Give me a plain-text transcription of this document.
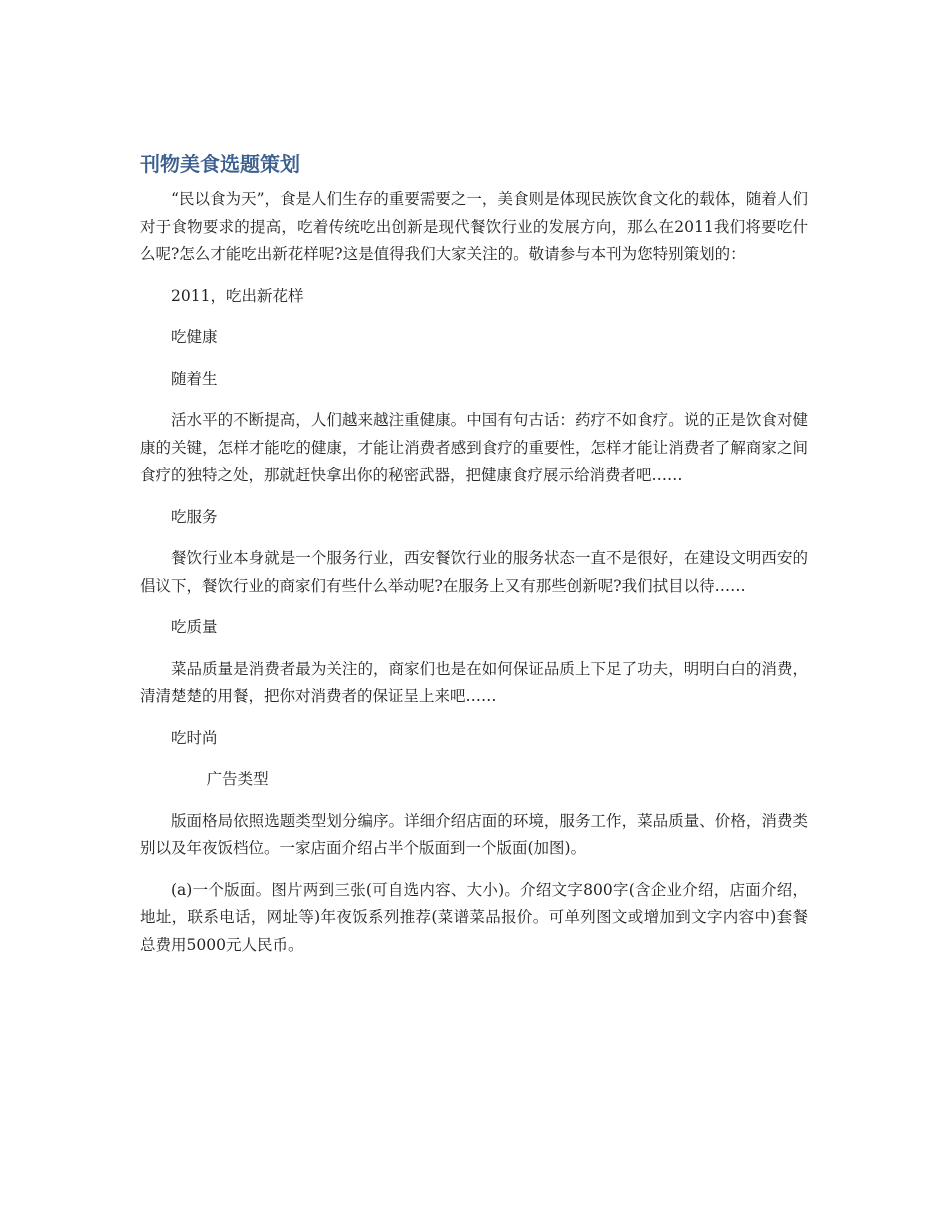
刊物美食选题策划

“民以食为天”，食是人们生存的重要需要之一，美食则是体现民族饮食文化的载体，随着人们对于食物要求的提高，吃着传统吃出创新是现代餐饮行业的发展方向，那么在2011我们将要吃什么呢?怎么才能吃出新花样呢?这是值得我们大家关注的。敬请参与本刊为您特别策划的：

2011，吃出新花样

吃健康

随着生

活水平的不断提高，人们越来越注重健康。中国有句古话：药疗不如食疗。说的正是饮食对健康的关键，怎样才能吃的健康，才能让消费者感到食疗的重要性，怎样才能让消费者了解商家之间食疗的独特之处，那就赶快拿出你的秘密武器，把健康食疗展示给消费者吧……

吃服务

餐饮行业本身就是一个服务行业，西安餐饮行业的服务状态一直不是很好，在建设文明西安的倡议下，餐饮行业的商家们有些什么举动呢?在服务上又有那些创新呢?我们拭目以待……

吃质量

菜品质量是消费者最为关注的，商家们也是在如何保证品质上下足了功夫，明明白白的消费，清清楚楚的用餐，把你对消费者的保证呈上来吧……

吃时尚

广告类型

版面格局依照选题类型划分编序。详细介绍店面的环境，服务工作，菜品质量、价格，消费类别以及年夜饭档位。一家店面介绍占半个版面到一个版面(加图)。

(a)一个版面。图片两到三张(可自选内容、大小)。介绍文字800字(含企业介绍，店面介绍，地址，联系电话，网址等)年夜饭系列推荐(菜谱菜品报价。可单列图文或增加到文字内容中)套餐总费用5000元人民币。
